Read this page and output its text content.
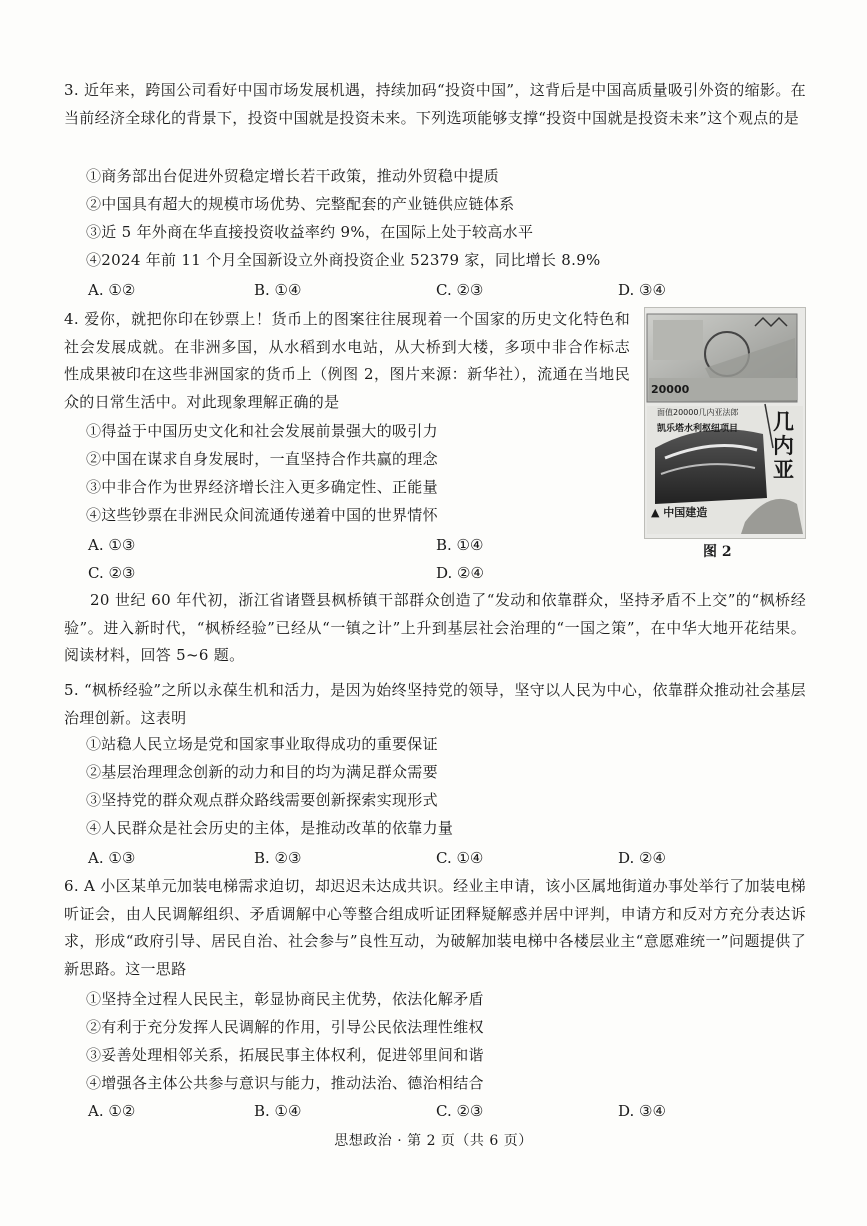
3. 近年来，跨国公司看好中国市场发展机遇，持续加码“投资中国”，这背后是中国高质量吸引外资的缩影。在当前经济全球化的背景下，投资中国就是投资未来。下列选项能够支撑“投资中国就是投资未来”这个观点的是
①商务部出台促进外贸稳定增长若干政策，推动外贸稳中提质
②中国具有超大的规模市场优势、完整配套的产业链供应链体系
③近 5 年外商在华直接投资收益率约 9%，在国际上处于较高水平
④2024 年前 11 个月全国新设立外商投资企业 52379 家，同比增长 8.9%
A. ①②	B. ①④	C. ②③	D. ③④
4. 爱你，就把你印在钞票上！货币上的图案往往展现着一个国家的历史文化特色和社会发展成就。在非洲多国，从水稻到水电站，从大桥到大楼，多项中非合作标志性成果被印在这些非洲国家的货币上（例图 2，图片来源：新华社），流通在当地民众的日常生活中。对此现象理解正确的是
①得益于中国历史文化和社会发展前景强大的吸引力
②中国在谋求自身发展时，一直坚持合作共赢的理念
③中非合作为世界经济增长注入更多确定性、正能量
④这些钞票在非洲民众间流通传递着中国的世界情怀
A. ①③	B. ①④
C. ②③	D. ②④
20000
面值20000几内亚法郎
凯乐塔水利枢纽项目 几内亚
▲ 中国建造
图 2
20 世纪 60 年代初，浙江省诸暨县枫桥镇干部群众创造了“发动和依靠群众，坚持矛盾不上交”的“枫桥经验”。进入新时代，“枫桥经验”已经从“一镇之计”上升到基层社会治理的“一国之策”，在中华大地开花结果。阅读材料，回答 5~6 题。
5. “枫桥经验”之所以永葆生机和活力，是因为始终坚持党的领导，坚守以人民为中心，依靠群众推动社会基层治理创新。这表明
①站稳人民立场是党和国家事业取得成功的重要保证
②基层治理理念创新的动力和目的均为满足群众需要
③坚持党的群众观点群众路线需要创新探索实现形式
④人民群众是社会历史的主体，是推动改革的依靠力量
A. ①③	B. ②③	C. ①④	D. ②④
6. A 小区某单元加装电梯需求迫切，却迟迟未达成共识。经业主申请，该小区属地街道办事处举行了加装电梯听证会，由人民调解组织、矛盾调解中心等整合组成听证团释疑解惑并居中评判，申请方和反对方充分表达诉求，形成“政府引导、居民自治、社会参与”良性互动，为破解加装电梯中各楼层业主“意愿难统一”问题提供了新思路。这一思路
①坚持全过程人民民主，彰显协商民主优势，依法化解矛盾
②有利于充分发挥人民调解的作用，引导公民依法理性维权
③妥善处理相邻关系，拓展民事主体权利，促进邻里间和谐
④增强各主体公共参与意识与能力，推动法治、德治相结合
A. ①②	B. ①④	C. ②③	D. ③④
思想政治 · 第 2 页（共 6 页）
